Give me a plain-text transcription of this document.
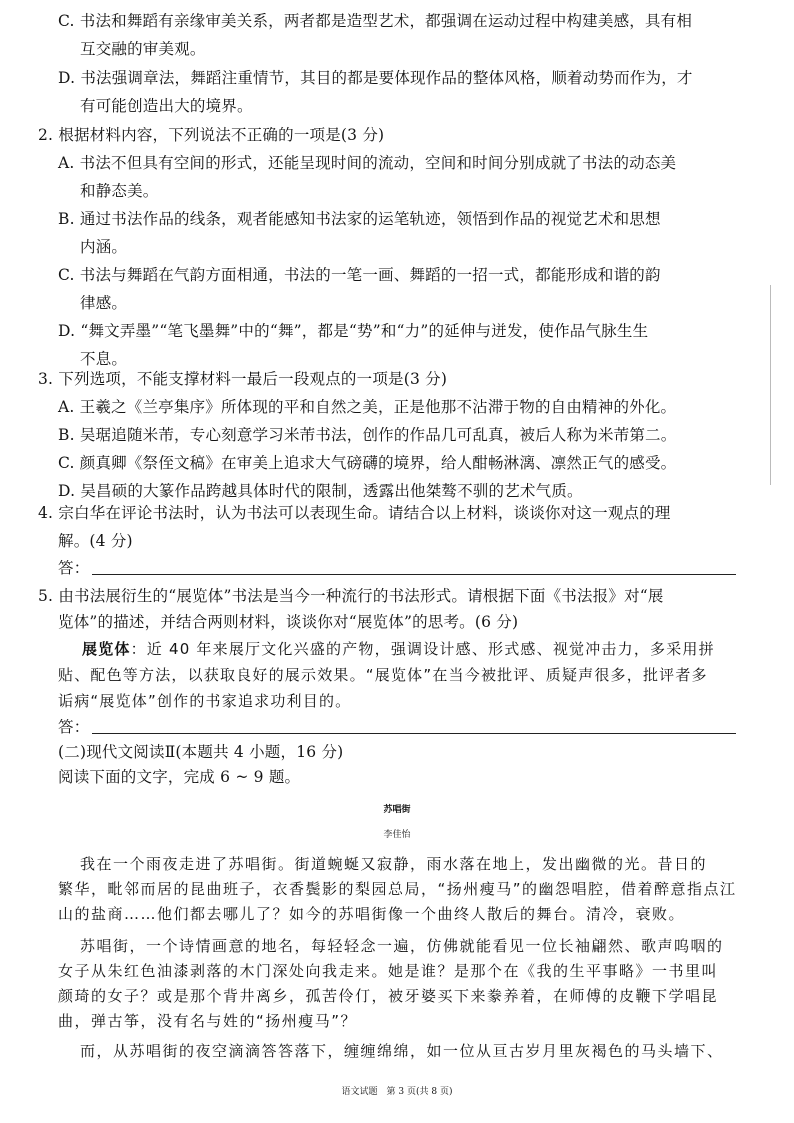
C. 书法和舞蹈有亲缘审美关系，两者都是造型艺术，都强调在运动过程中构建美感，具有相
互交融的审美观。
D. 书法强调章法，舞蹈注重情节，其目的都是要体现作品的整体风格，顺着动势而作为，才
有可能创造出大的境界。
2. 根据材料内容，下列说法不正确的一项是(3 分)
A. 书法不但具有空间的形式，还能呈现时间的流动，空间和时间分别成就了书法的动态美
和静态美。
B. 通过书法作品的线条，观者能感知书法家的运笔轨迹，领悟到作品的视觉艺术和思想
内涵。
C. 书法与舞蹈在气韵方面相通，书法的一笔一画、舞蹈的一招一式，都能形成和谐的韵
律感。
D. “舞文弄墨”“笔飞墨舞”中的“舞”，都是“势”和“力”的延伸与迸发，使作品气脉生生
不息。
3. 下列选项，不能支撑材料一最后一段观点的一项是(3 分)
A. 王羲之《兰亭集序》所体现的平和自然之美，正是他那不沾滞于物的自由精神的外化。
B. 吴琚追随米芾，专心刻意学习米芾书法，创作的作品几可乱真，被后人称为米芾第二。
C. 颜真卿《祭侄文稿》在审美上追求大气磅礴的境界，给人酣畅淋漓、凛然正气的感受。
D. 吴昌硕的大篆作品跨越具体时代的限制，透露出他桀骜不驯的艺术气质。
4. 宗白华在评论书法时，认为书法可以表现生命。请结合以上材料，谈谈你对这一观点的理
解。(4 分)
答：
5. 由书法展衍生的“展览体”书法是当今一种流行的书法形式。请根据下面《书法报》对“展
览体”的描述，并结合两则材料，谈谈你对“展览体”的思考。(6 分)
展览体：近 40 年来展厅文化兴盛的产物，强调设计感、形式感、视觉冲击力，多采用拼
贴、配色等方法，以获取良好的展示效果。“展览体”在当今被批评、质疑声很多，批评者多
诟病“展览体”创作的书家追求功利目的。
答：
(二)现代文阅读Ⅱ(本题共 4 小题，16 分)
阅读下面的文字，完成 6 ~ 9 题。
苏唱街
李佳怡
我在一个雨夜走进了苏唱街。街道蜿蜒又寂静，雨水落在地上，发出幽微的光。昔日的
繁华，毗邻而居的昆曲班子，衣香鬓影的梨园总局，“扬州瘦马”的幽怨唱腔，借着醉意指点江
山的盐商……他们都去哪儿了？如今的苏唱街像一个曲终人散后的舞台。清冷，衰败。
苏唱街，一个诗情画意的地名，每轻轻念一遍，仿佛就能看见一位长袖翩然、歌声呜咽的
女子从朱红色油漆剥落的木门深处向我走来。她是谁？是那个在《我的生平事略》一书里叫
颜琦的女子？或是那个背井离乡，孤苦伶仃，被牙婆买下来豢养着，在师傅的皮鞭下学唱昆
曲，弹古筝，没有名与姓的“扬州瘦马”？
而，从苏唱街的夜空滴滴答答落下，缠缠绵绵，如一位从亘古岁月里灰褐色的马头墙下、
语文试题　第 3 页(共 8 页)
